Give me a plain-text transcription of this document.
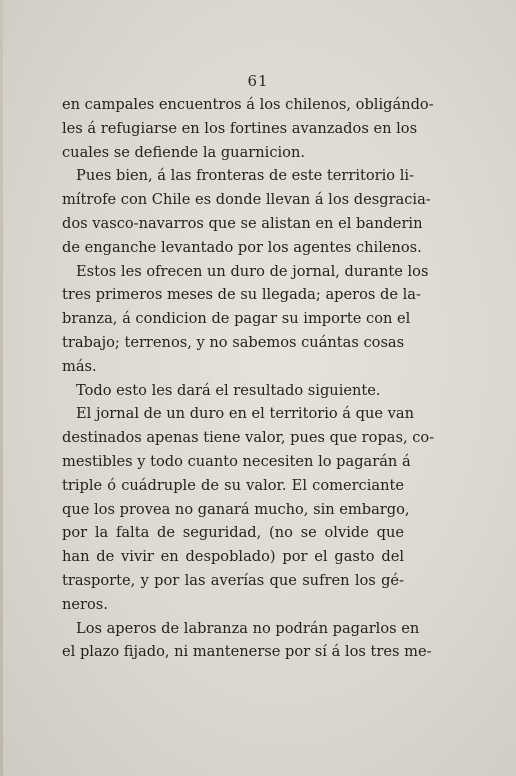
61
en campales encuentros á los chilenos, obligándo-
les á refugiarse en los fortines avanzados en los
cuales se defiende la guarnicion.
Pues bien, á las fronteras de este territorio li-
mítrofe con Chile es donde llevan á los desgracia-
dos vasco-navarros que se alistan en el banderin
de enganche levantado por los agentes chilenos.
Estos les ofrecen un duro de jornal, durante los
tres primeros meses de su llegada; aperos de la-
branza, á condicion de pagar su importe con el
trabajo; terrenos, y no sabemos cuántas cosas
más.
Todo esto les dará el resultado siguiente.
El jornal de un duro en el territorio á que van
destinados apenas tiene valor, pues que ropas, co-
mestibles y todo cuanto necesiten lo pagarán á
triple ó cuádruple de su valor. El comerciante
que los provea no ganará mucho, sin embargo,
por la falta de seguridad, (no se olvide que
han de vivir en despoblado) por el gasto del
trasporte, y por las averías que sufren los gé-
neros.
Los aperos de labranza no podrán pagarlos en
el plazo fijado, ni mantenerse por sí á los tres me-
